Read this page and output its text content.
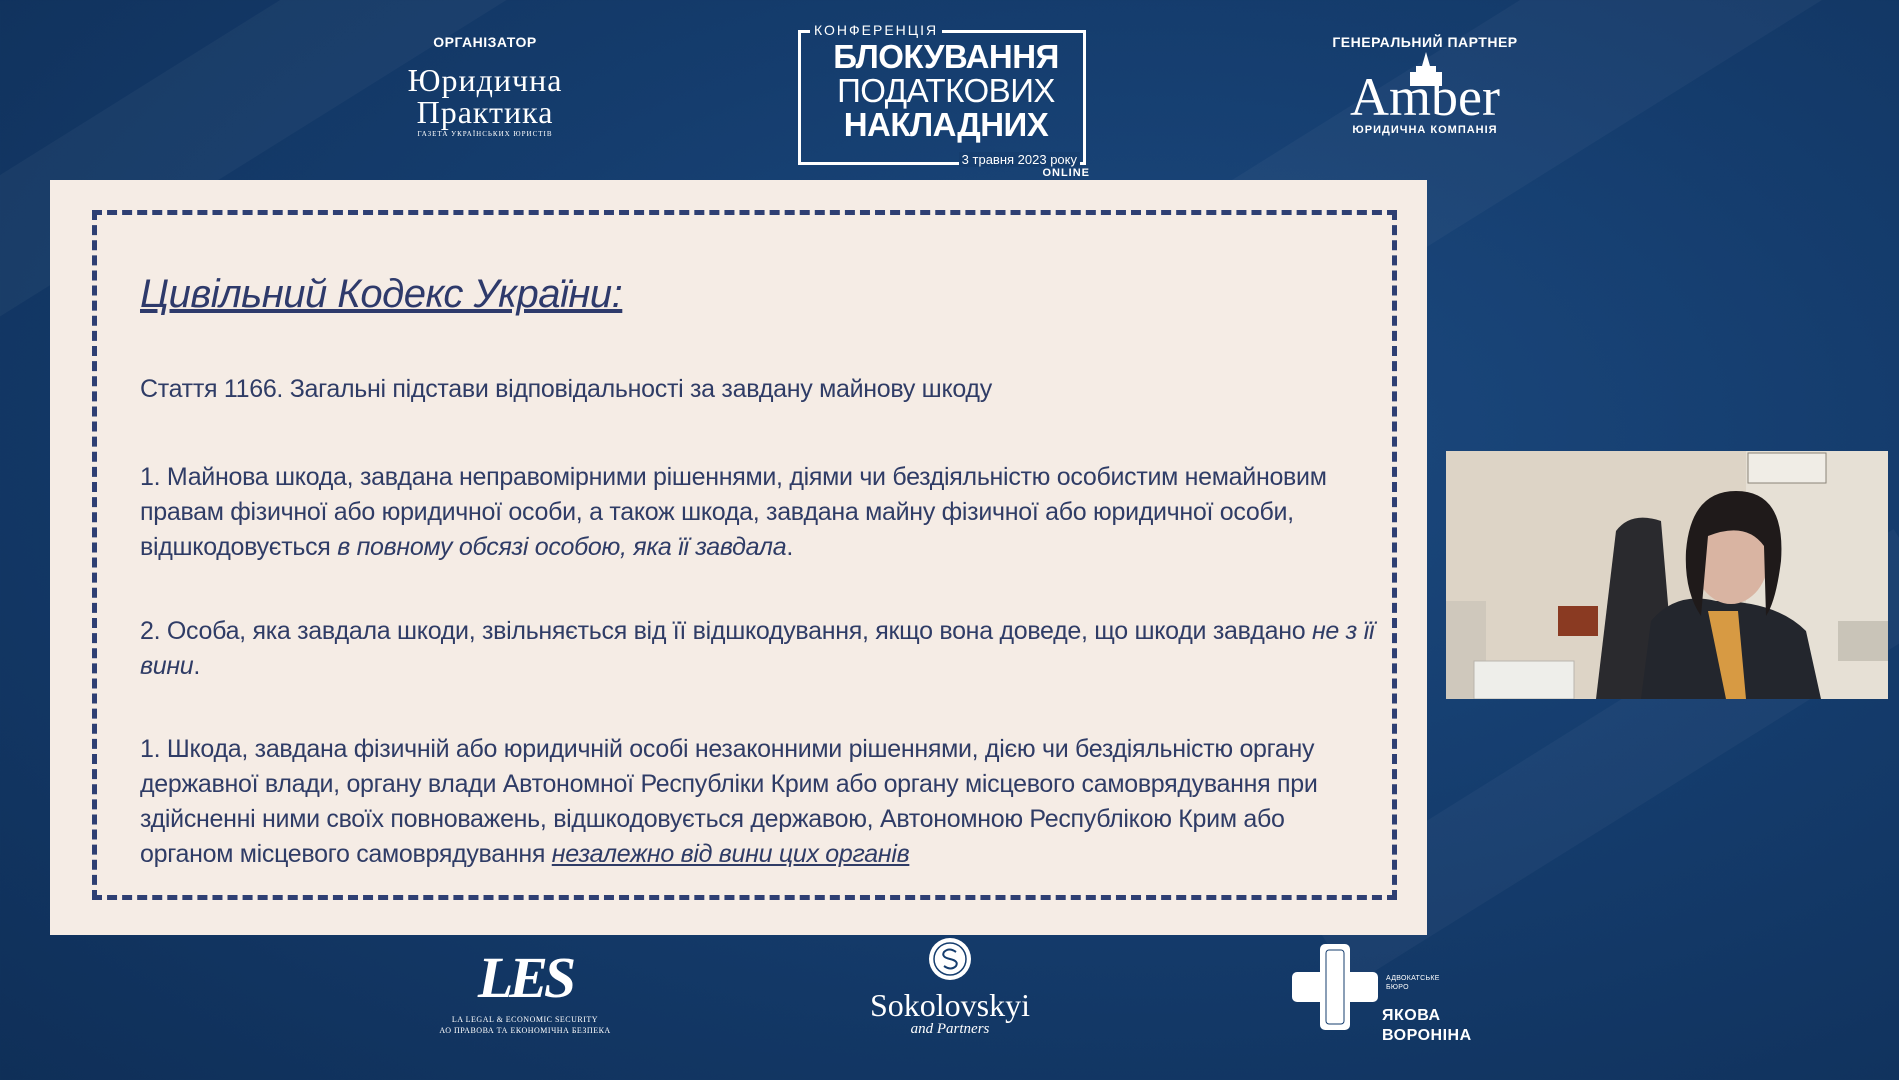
ОРГАНІЗАТОР
Юридична
Практика
ГАЗЕТА УКРАЇНСЬКИХ ЮРИСТІВ
КОНФЕРЕНЦІЯ
БЛОКУВАННЯ
ПОДАТКОВИХ
НАКЛАДНИХ
3 травня 2023 року
ONLINE
ГЕНЕРАЛЬНИЙ ПАРТНЕР
Amber
ЮРИДИЧНА КОМПАНІЯ
Цивільний Кодекс України:
Стаття 1166. Загальні підстави відповідальності за завдану майнову шкоду
1. Майнова шкода, завдана неправомірними рішеннями, діями чи бездіяльністю особистим немайновим правам фізичної або юридичної особи, а також шкода, завдана майну фізичної або юридичної особи, відшкодовується в повному обсязі особою, яка її завдала.
2. Особа, яка завдала шкоди, звільняється від її відшкодування, якщо вона доведе, що шкоди завдано не з її вини.
1. Шкода, завдана фізичній або юридичній особі незаконними рішеннями, дією чи бездіяльністю органу державної влади, органу влади Автономної Республіки Крим або органу місцевого самоврядування при здійсненні ними своїх повноважень, відшкодовується державою, Автономною Республікою Крим або органом місцевого самоврядування незалежно від вини цих органів
LES
LA LEGAL & ECONOMIC SECURITY
АО ПРАВОВА ТА ЕКОНОМІЧНА БЕЗПЕКА
Sokolovskyi
and Partners
АДВОКАТСЬКЕ
БЮРО
ЯКОВА
ВОРОНІНА
